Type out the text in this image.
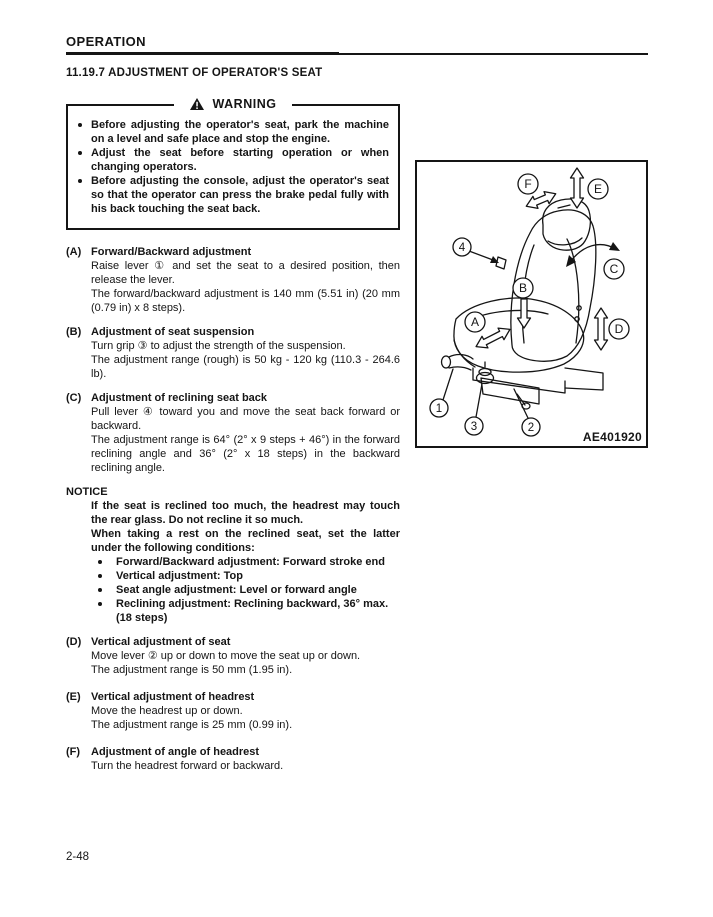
OPERATION
11.19.7 ADJUSTMENT OF OPERATOR'S SEAT
WARNING
Before adjusting the operator's seat, park the machine on a level and safe place and stop the engine.
Adjust the seat before starting operation or when changing operators.
Before adjusting the console, adjust the operator's seat so that the operator can press the brake pedal fully with his back touching the seat back.
(A) Forward/Backward adjustment

Raise lever ① and set the seat to a desired position, then release the lever.

The forward/backward adjustment is 140 mm (5.51 in) (20 mm (0.79 in) x 8 steps).

(B) Adjustment of seat suspension

Turn grip ③ to adjust the strength of the suspension.

The adjustment range (rough) is 50 kg - 120 kg (110.3 - 264.6 lb).

(C) Adjustment of reclining seat back

Pull lever ④ toward you and move the seat back forward or backward.

The adjustment range is 64° (2° x 9 steps + 46°) in the forward reclining angle and 36° (2° x 18 steps) in the backward reclining angle.

NOTICE

If the seat is reclined too much, the headrest may touch the rear glass. Do not recline it so much.

When taking a rest on the reclined seat, set the latter under the following conditions:

Forward/Backward adjustment: Forward stroke end
Vertical adjustment: Top
Seat angle adjustment: Level or forward angle
Reclining adjustment: Reclining backward, 36° max. (18 steps)
(D) Vertical adjustment of seat

Move lever ② up or down to move the seat up or down.

The adjustment range is 50 mm (1.95 in).

(E) Vertical adjustment of headrest

Move the headrest up or down.

The adjustment range is 25 mm (0.99 in).

(F) Adjustment of angle of headrest

Turn the headrest forward or backward.

F	E
C
B
A	D
4
1
3	2
AE401920
2-48
